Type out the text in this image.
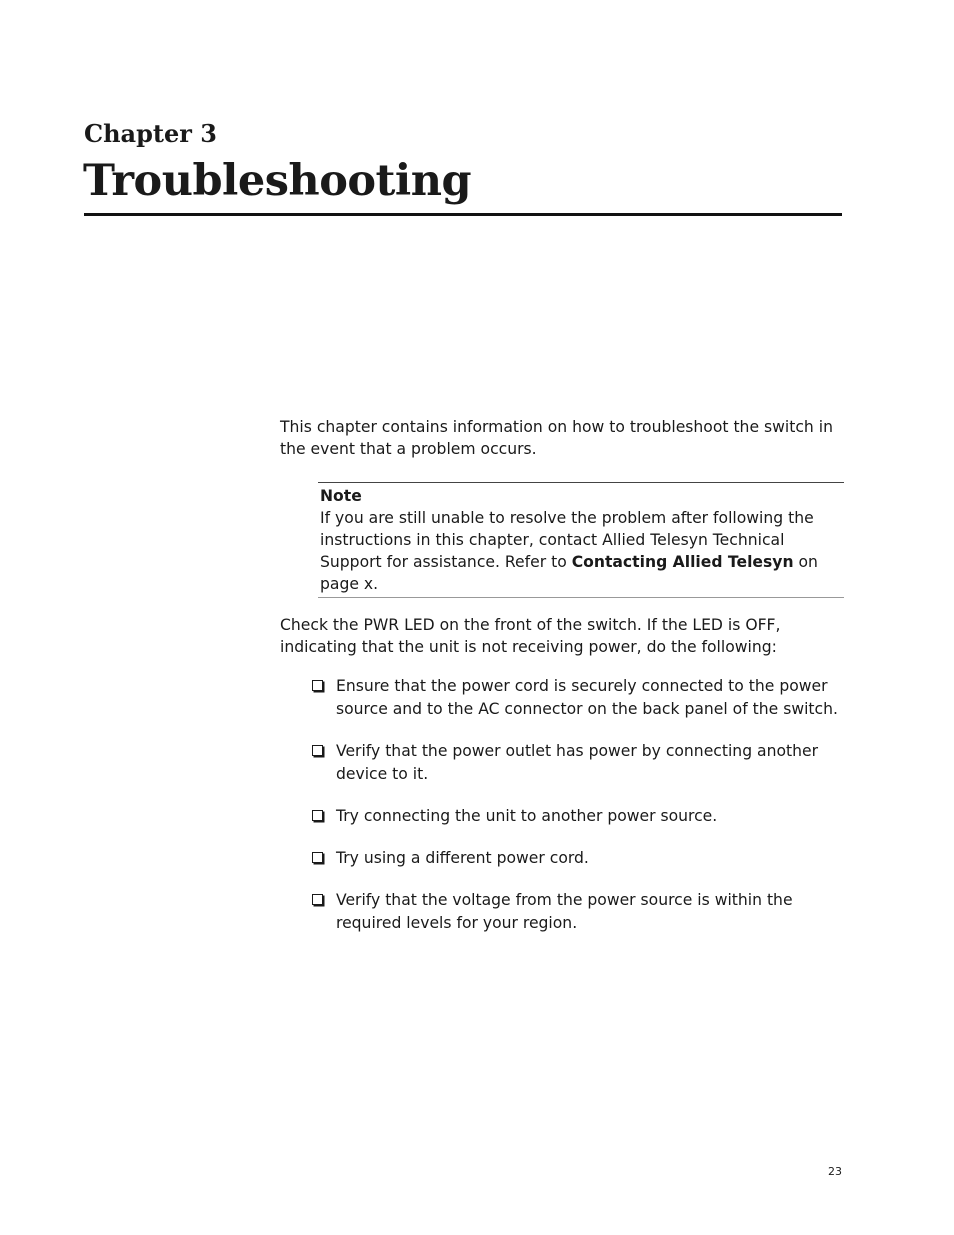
Chapter 3
Troubleshooting

This chapter contains information on how to troubleshoot the switch in the event that a problem occurs.

Note

If you are still unable to resolve the problem after following the instructions in this chapter, contact Allied Telesyn Technical Support for assistance. Refer to Contacting Allied Telesyn on page x.

Check the PWR LED on the front of the switch. If the LED is OFF, indicating that the unit is not receiving power, do the following:

Ensure that the power cord is securely connected to the power source and to the AC connector on the back panel of the switch.
Verify that the power outlet has power by connecting another device to it.
Try connecting the unit to another power source.
Try using a different power cord.
Verify that the voltage from the power source is within the required levels for your region.
23
